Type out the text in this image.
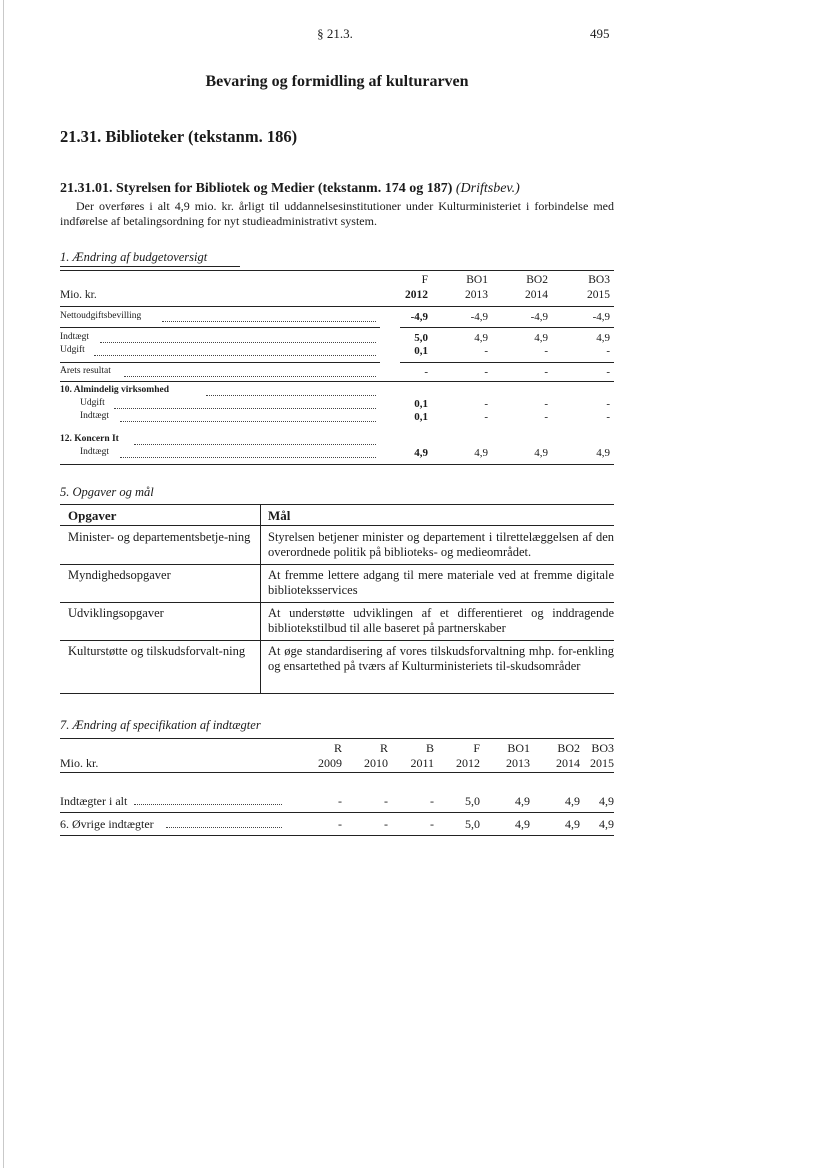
§ 21.3.	495
Bevaring og formidling af kulturarven
21.31. Biblioteker (tekstanm. 186)
21.31.01. Styrelsen for Bibliotek og Medier (tekstanm. 174 og 187) (Driftsbev.)
Der overføres i alt 4,9 mio. kr. årligt til uddannelsesinstitutioner under Kulturministeriet i forbindelse med indførelse af betalingsordning for nyt studieadministrativt system.
1. Ændring af budgetoversigt
F	BO1	BO2	BO3
Mio. kr.	2012	2013	2014	2015
Nettoudgiftsbevilling	-4,9	-4,9	-4,9	-4,9
Indtægt	5,0	4,9	4,9	4,9
Udgift	0,1	-	-	-
Årets resultat	-	-	-	-
10. Almindelig virksomhed
Udgift	0,1	-	-	-
Indtægt	0,1	-	-	-
12. Koncern It
Indtægt	4,9	4,9	4,9	4,9
5. Opgaver og mål
Opgaver	Mål
Minister- og departementsbetje-ning	Styrelsen betjener minister og departement i tilrettelæggelsen af den overordnede politik på biblioteks- og medieområdet.
Myndighedsopgaver	At fremme lettere adgang til mere materiale ved at fremme digitale biblioteksservices
Udviklingsopgaver	At understøtte udviklingen af et differentieret og inddragende bibliotekstilbud til alle baseret på partnerskaber
Kulturstøtte og tilskudsforvalt-ning	At øge standardisering af vores tilskudsforvaltning mhp. for-enkling og ensartethed på tværs af Kulturministeriets til-skudsområder
7. Ændring af specifikation af indtægter
R	R	B	F	BO1	BO2 BO3
Mio. kr.	2009	2010	2011	2012	2013	2014 2015
Indtægter i alt	-	-	-	5,0	4,9	4,9	4,9
6. Øvrige indtægter	-	-	-	5,0	4,9	4,9	4,9
